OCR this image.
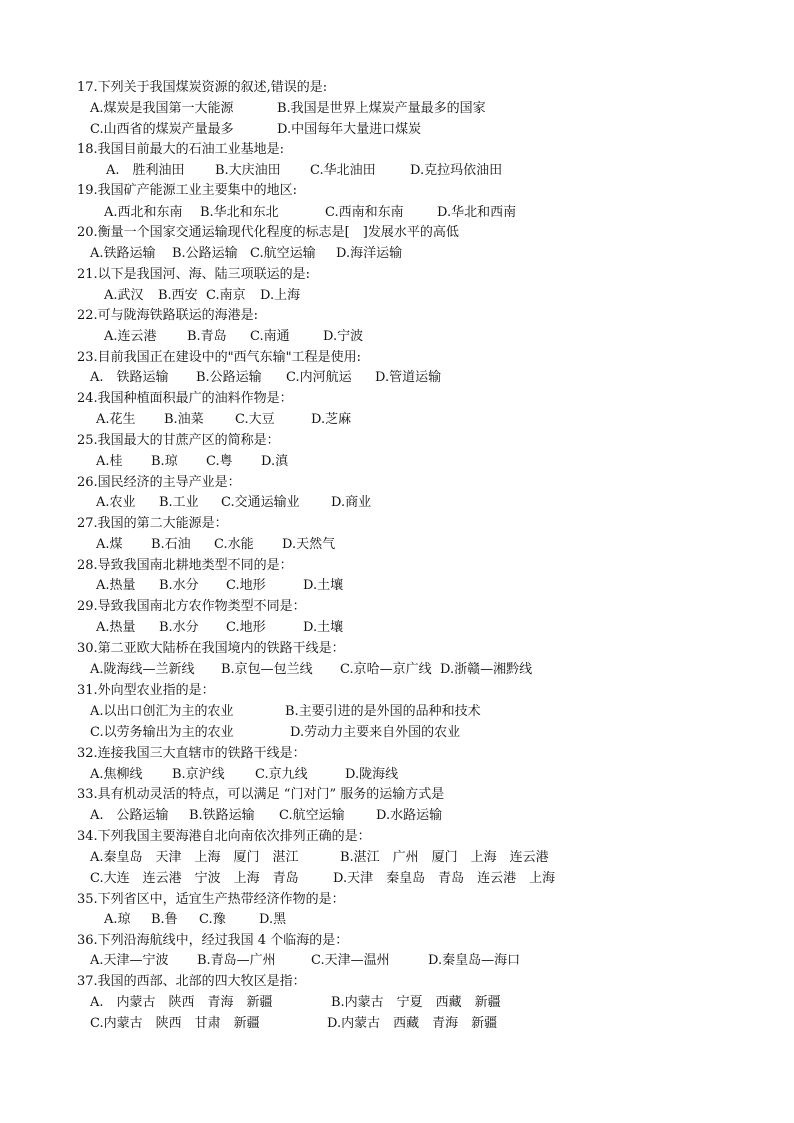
17.下列关于我国煤炭资源的叙述,错误的是:
A.煤炭是我国第一大能源	B.我国是世界上煤炭产量最多的国家
C.山西省的煤炭产量最多	D.中国每年大量进口煤炭
18.我国目前最大的石油工业基地是:
A.　胜利油田 B.大庆油田 C.华北油田	D.克拉玛依油田
19.我国矿产能源工业主要集中的地区:
A.西北和东南 B.华北和东北	C.西南和东南	D.华北和西南
20.衡量一个国家交通运输现代化程度的标志是[　]发展水平的高低
A.铁路运输 B.公路运输 C.航空运输 D.海洋运输
21.以下是我国河、海、陆三项联运的是:
A.武汉 B.西安 C.南京 D.上海
22.可与陇海铁路联运的海港是:
A.连云港 B.青岛 C.南通	D.宁波
23.目前我国正在建设中的"西气东输"工程是使用:
A.　铁路运输 B.公路运输 C.内河航运 D.管道运输
24.我国种植面积最广的油料作物是：
A.花生 B.油菜 C.大豆	D.芝麻
25.我国最大的甘蔗产区的简称是：
A.桂 B.琼 C.粤 D.滇
26.国民经济的主导产业是：
A.农业 B.工业 C.交通运输业 D.商业
27.我国的第二大能源是：
A.煤 B.石油 C.水能 D.天然气
28.导致我国南北耕地类型不同的是：
A.热量 B.水分 C.地形	D.土壤
29.导致我国南北方农作物类型不同是：
A.热量 B.水分 C.地形	D.土壤
30.第二亚欧大陆桥在我国境内的铁路干线是：
A.陇海线—兰新线 B.京包—包兰线 C.京哈—京广线 D.浙赣—湘黔线
31.外向型农业指的是：
A.以出口创汇为主的农业	B.主要引进的是外国的品种和技术
C.以劳务输出为主的农业	D.劳动力主要来自外国的农业
32.连接我国三大直辖市的铁路干线是：
A.焦柳线 B.京沪线 C.京九线	D.陇海线
33.具有机动灵活的特点，可以满足 “门对门” 服务的运输方式是
A.　公路运输 B.铁路运输 C.航空运输 D.水路运输
34.下列我国主要海港自北向南依次排列正确的是：
A.秦皇岛　天津　上海　厦门　湛江	B.湛江　广州　厦门　上海　连云港
C.大连　连云港　宁波　上海　青岛	D.天津　秦皇岛　青岛　连云港　上海
35.下列省区中，适宜生产热带经济作物的是：
A.琼 B.鲁 C.豫	D.黑
36.下列沿海航线中，经过我国 4 个临海的是：
A.天津—宁波 B.青岛—广州	C.天津—温州	D.秦皇岛—海口
37.我国的西部、北部的四大牧区是指：
A.　内蒙古　陕西　青海　新疆	B.内蒙古　宁夏　西藏　新疆
C.内蒙古　陕西　甘肃　新疆	D.内蒙古　西藏　青海　新疆
